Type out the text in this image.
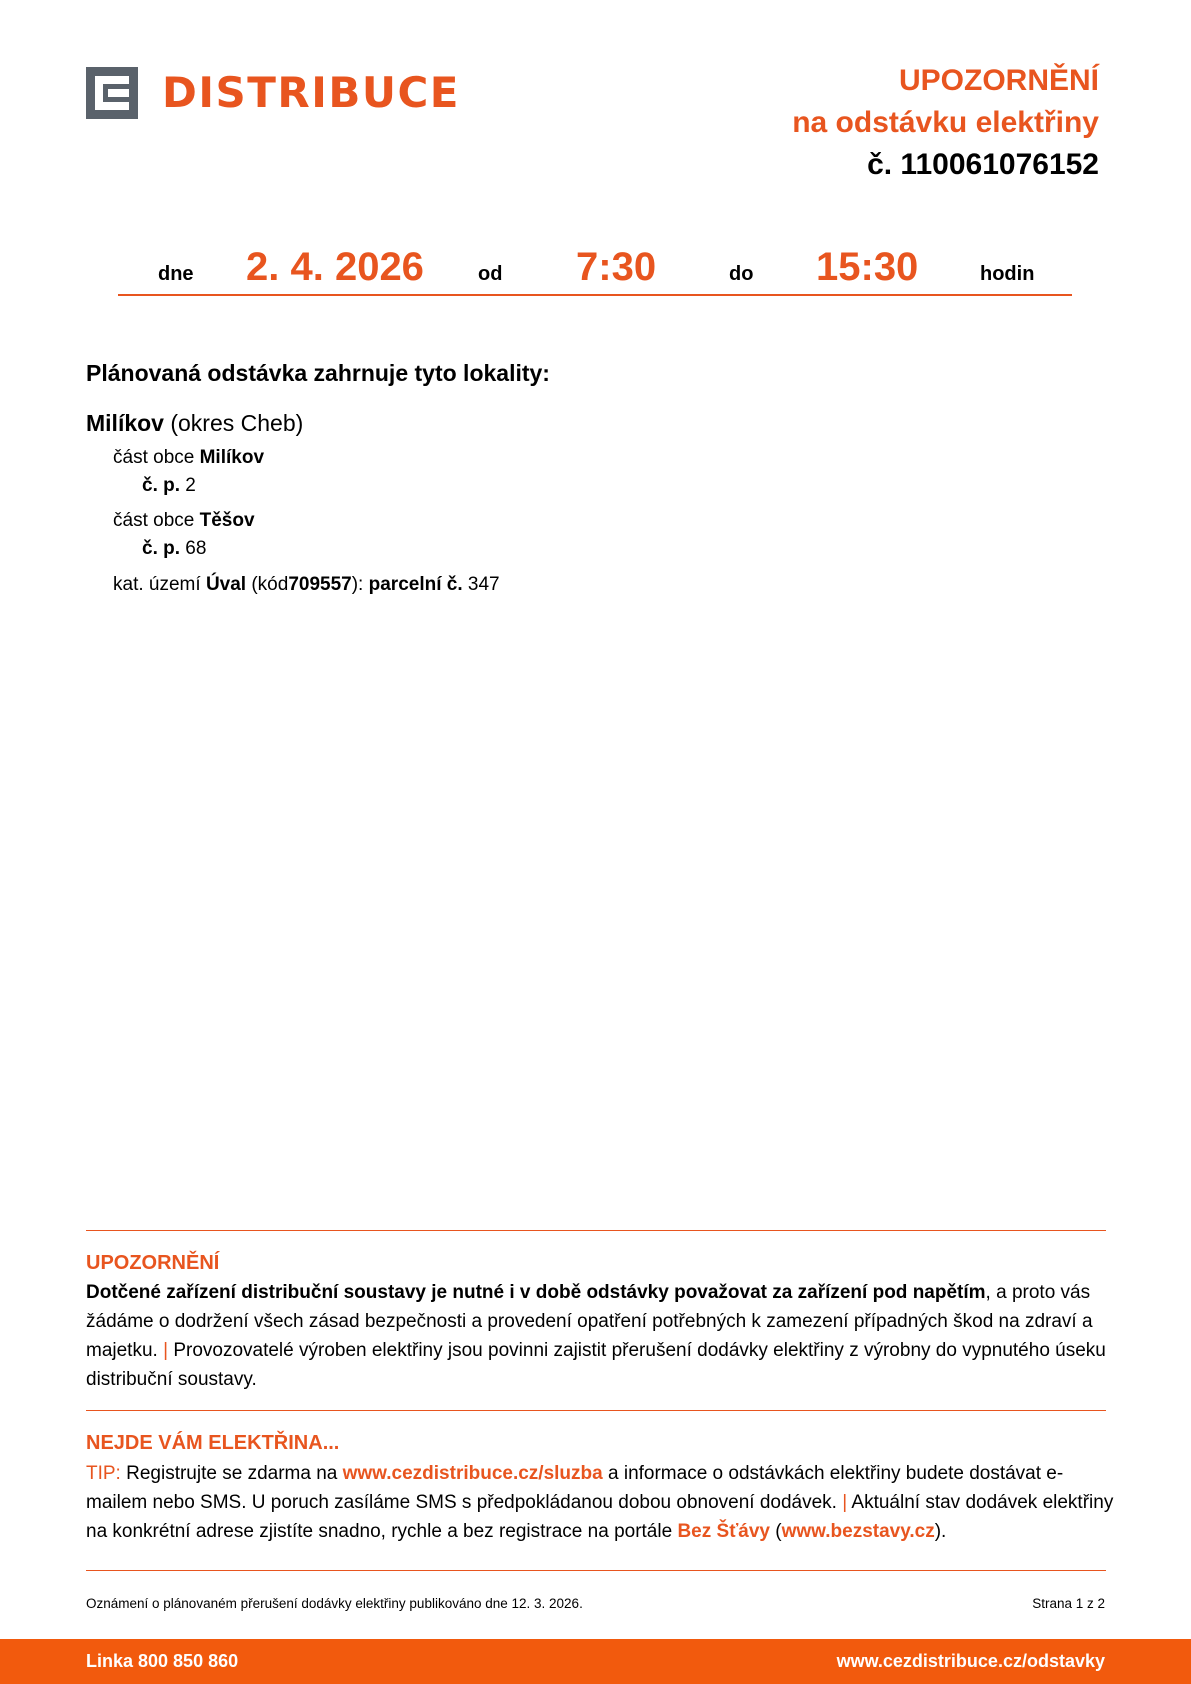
DISTRIBUCE	UPOZORNĚNÍ
na odstávku elektřiny
č. 110061076152
dne 2. 4. 2026	od 7:30	do 15:30	hodin
Plánovaná odstávka zahrnuje tyto lokality:
Milíkov (okres Cheb)
část obce Milíkov
č. p. 2
část obce Těšov
č. p. 68
kat. území Úval (kód709557): parcelní č. 347
UPOZORNĚNÍ
Dotčené zařízení distribuční soustavy je nutné i v době odstávky považovat za zařízení pod napětím, a proto vás žádáme o dodržení všech zásad bezpečnosti a provedení opatření potřebných k zamezení případných škod na zdraví a majetku. | Provozovatelé výroben elektřiny jsou povinni zajistit přerušení dodávky elektřiny z výrobny do vypnutého úseku distribuční soustavy.
NEJDE VÁM ELEKTŘINA...
TIP: Registrujte se zdarma na www.cezdistribuce.cz/sluzba a informace o odstávkách elektřiny budete dostávat e-mailem nebo SMS. U poruch zasíláme SMS s předpokládanou dobou obnovení dodávek. | Aktuální stav dodávek elektřiny na konkrétní adrese zjistíte snadno, rychle a bez registrace na portále Bez Šťávy (www.bezstavy.cz).
Oznámení o plánovaném přerušení dodávky elektřiny publikováno dne 12. 3. 2026.	Strana 1 z 2
Linka 800 850 860	www.cezdistribuce.cz/odstavky
